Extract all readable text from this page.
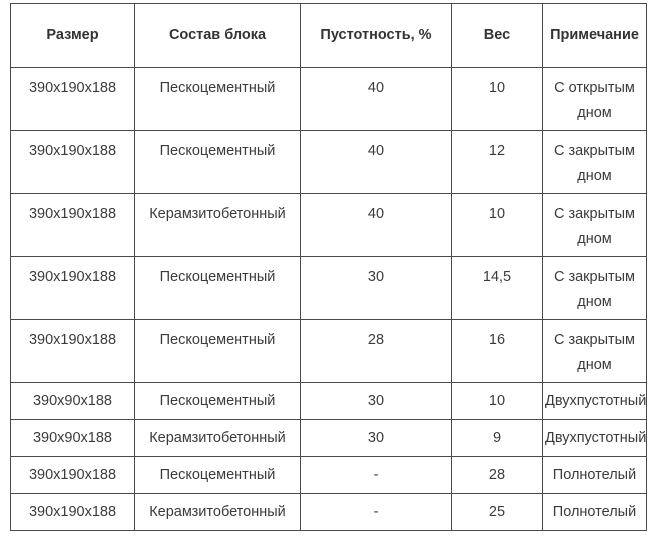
Размер	Состав блока	Пустотность, %	Вес	Примечание
390х190х188	Пескоцементный	40	10	С открытым дном
390х190х188	Пескоцементный	40	12	С закрытым дном
390х190х188	Керамзитобетонный	40	10	С закрытым дном
390х190х188	Пескоцементный	30	14,5	С закрытым дном
390х190х188	Пескоцементный	28	16	С закрытым дном
390х90х188	Пескоцементный	30	10	Двухпустотный
390х90х188	Керамзитобетонный	30	9	Двухпустотный
390х190х188	Пескоцементный	-	28	Полнотелый
390х190х188	Керамзитобетонный	-	25	Полнотелый
